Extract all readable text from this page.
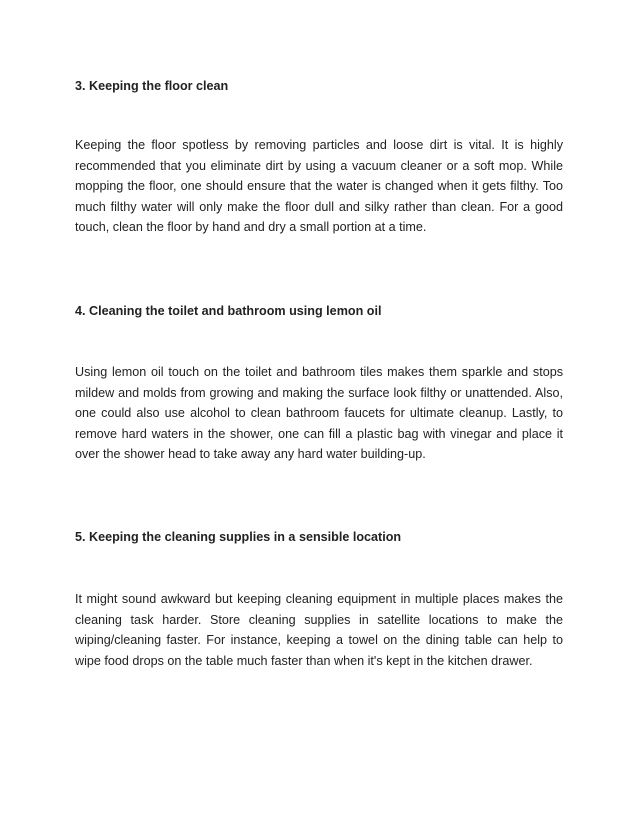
3. Keeping the floor clean

Keeping the floor spotless by removing particles and loose dirt is vital. It is highly recommended that you eliminate dirt by using a vacuum cleaner or a soft mop. While mopping the floor, one should ensure that the water is changed when it gets filthy. Too much filthy water will only make the floor dull and silky rather than clean. For a good touch, clean the floor by hand and dry a small portion at a time.

4. Cleaning the toilet and bathroom using lemon oil

Using lemon oil touch on the toilet and bathroom tiles makes them sparkle and stops mildew and molds from growing and making the surface look filthy or unattended. Also, one could also use alcohol to clean bathroom faucets for ultimate cleanup. Lastly, to remove hard waters in the shower, one can fill a plastic bag with vinegar and place it over the shower head to take away any hard water building-up.

5. Keeping the cleaning supplies in a sensible location

It might sound awkward but keeping cleaning equipment in multiple places makes the cleaning task harder. Store cleaning supplies in satellite locations to make the wiping/cleaning faster. For instance, keeping a towel on the dining table can help to wipe food drops on the table much faster than when it's kept in the kitchen drawer.
